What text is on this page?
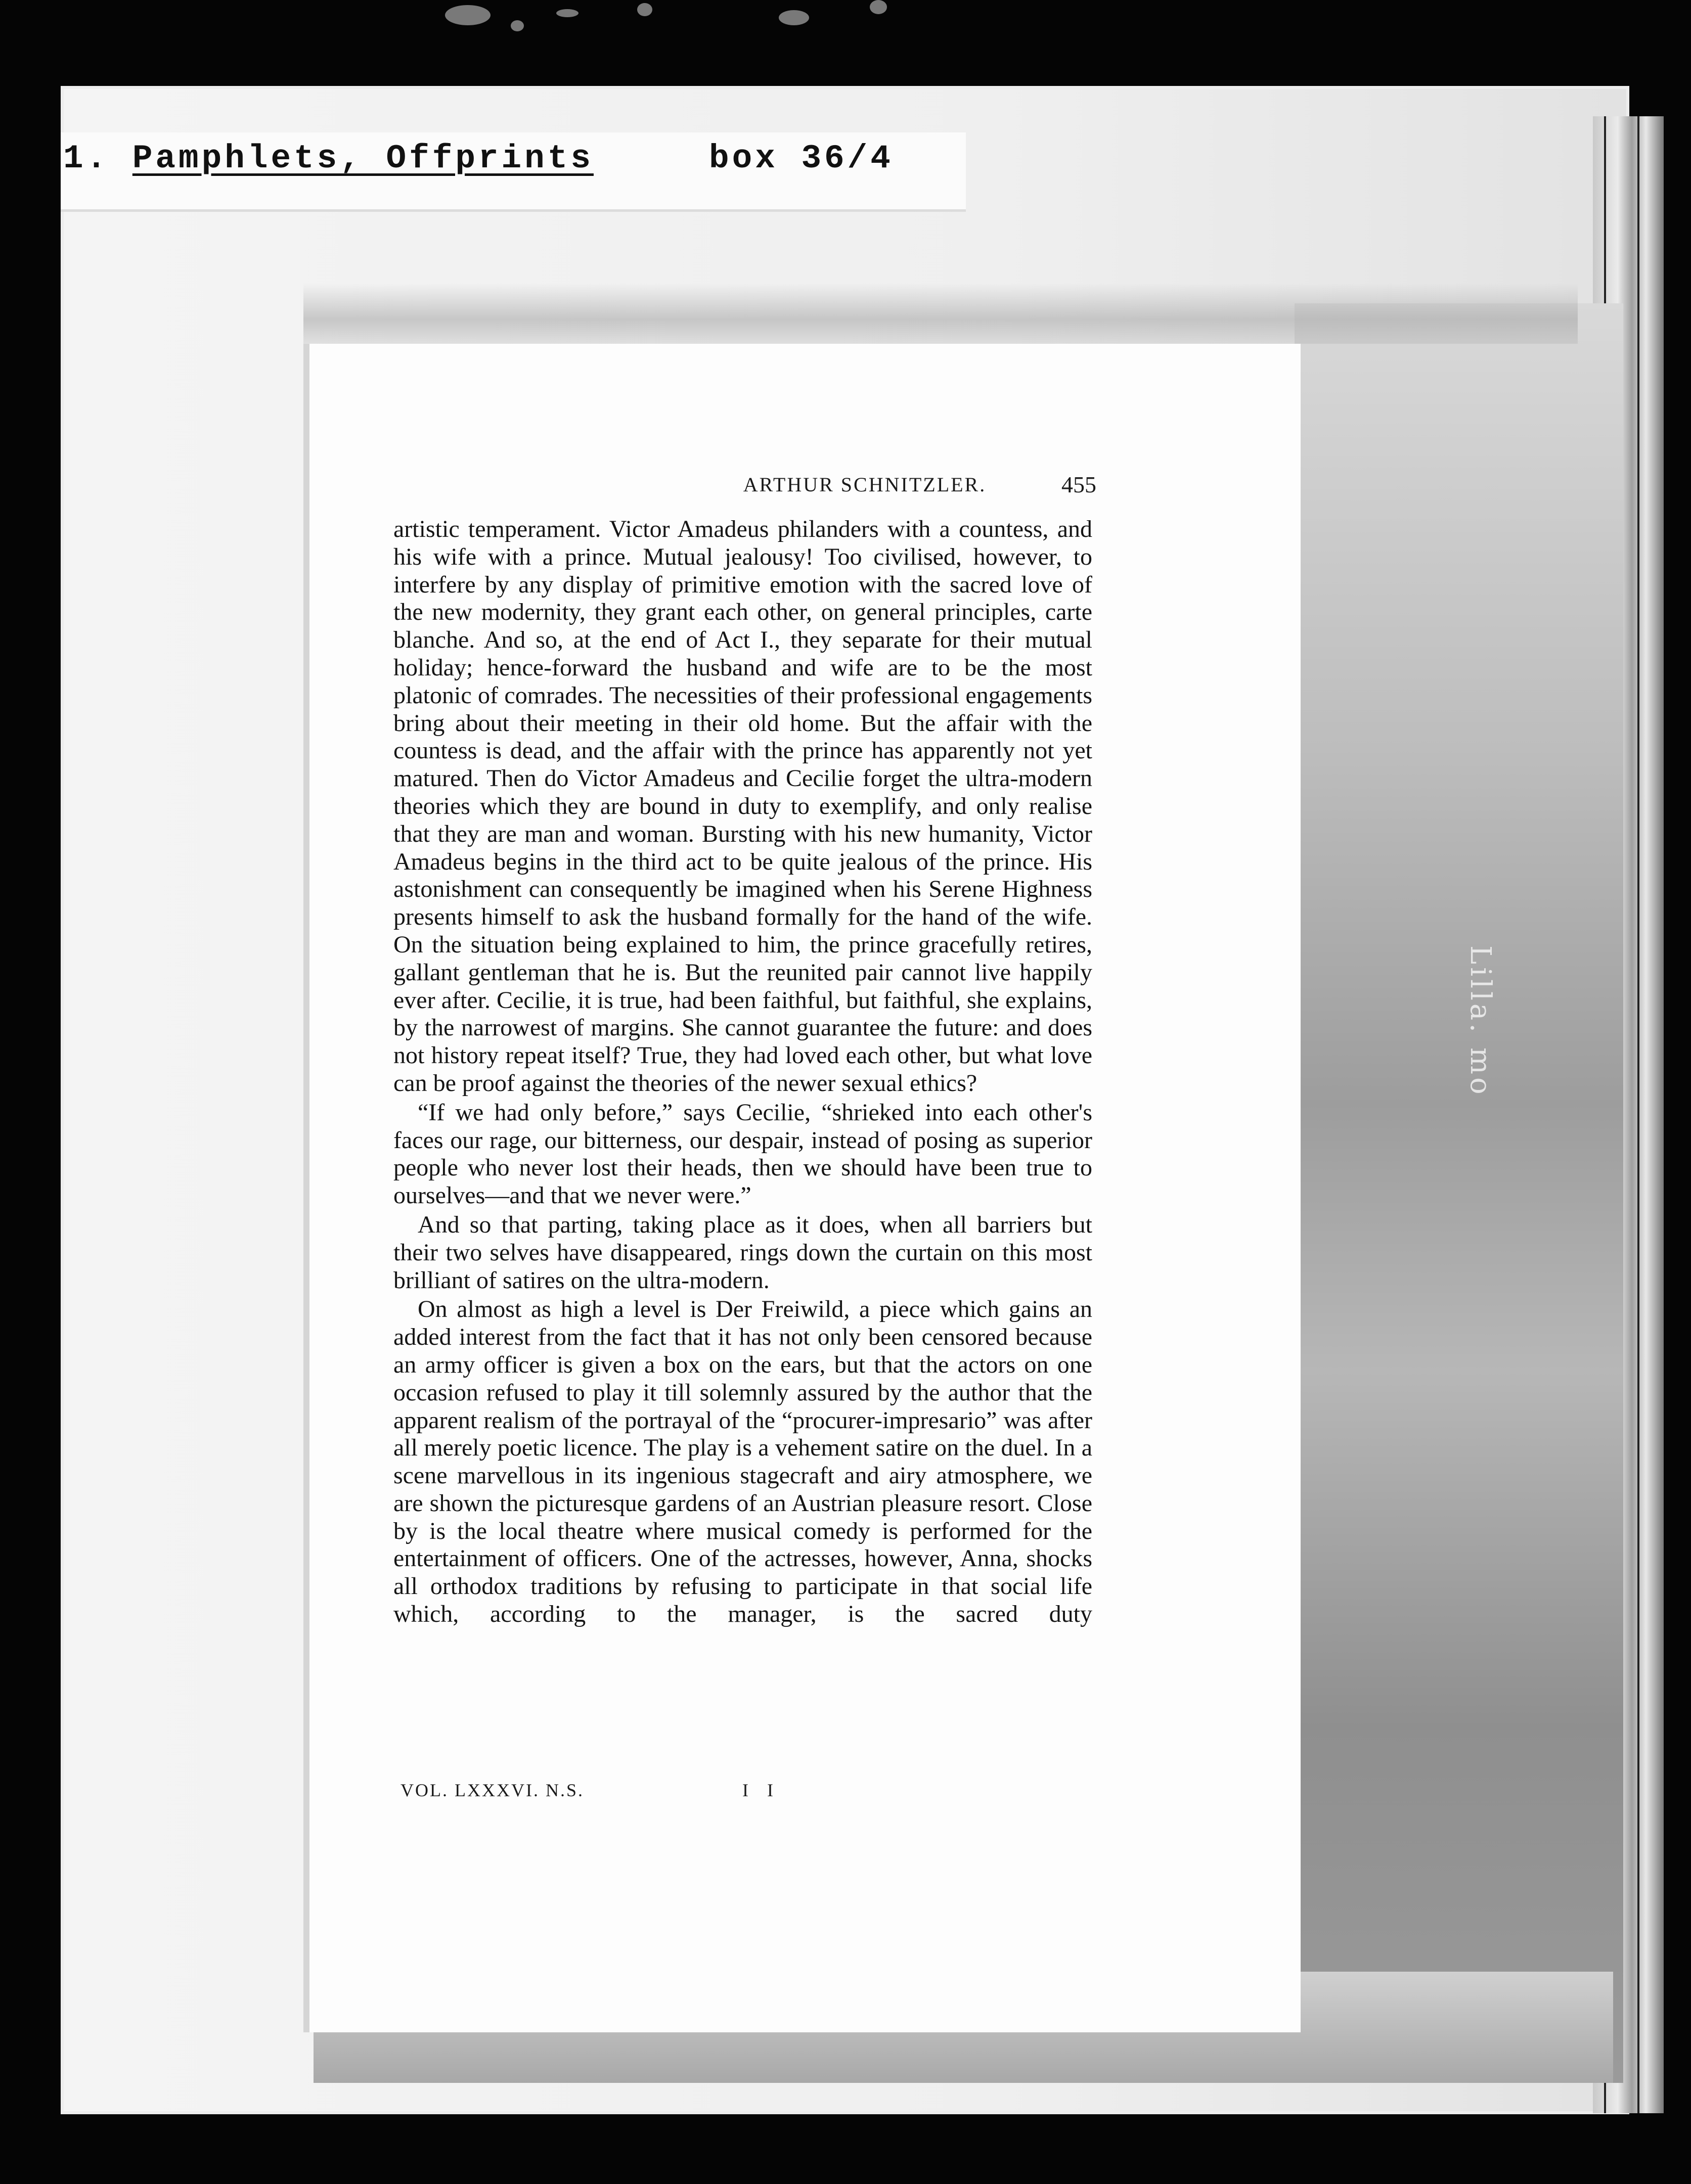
Lilla. mo
1. Pamphlets, Offprints	box 36/4
ARTHUR SCHNITZLER.	455

artistic temperament. Victor Amadeus philanders with a countess, and his wife with a prince. Mutual jealousy! Too civilised, however, to interfere by any display of primitive emotion with the sacred love of the new modernity, they grant each other, on general principles, carte blanche. And so, at the end of Act I., they separate for their mutual holiday; hence-forward the husband and wife are to be the most platonic of comrades. The necessities of their professional engagements bring about their meeting in their old home. But the affair with the countess is dead, and the affair with the prince has apparently not yet matured. Then do Victor Amadeus and Cecilie forget the ultra-modern theories which they are bound in duty to exemplify, and only realise that they are man and woman. Bursting with his new humanity, Victor Amadeus begins in the third act to be quite jealous of the prince. His astonishment can consequently be imagined when his Serene Highness presents himself to ask the husband formally for the hand of the wife. On the situation being explained to him, the prince gracefully retires, gallant gentleman that he is. But the reunited pair cannot live happily ever after. Cecilie, it is true, had been faithful, but faithful, she explains, by the narrowest of margins. She cannot guarantee the future: and does not history repeat itself? True, they had loved each other, but what love can be proof against the theories of the newer sexual ethics?

“If we had only before,” says Cecilie, “shrieked into each other's faces our rage, our bitterness, our despair, instead of posing as superior people who never lost their heads, then we should have been true to ourselves—and that we never were.”

And so that parting, taking place as it does, when all barriers but their two selves have disappeared, rings down the curtain on this most brilliant of satires on the ultra-modern.

On almost as high a level is Der Freiwild, a piece which gains an added interest from the fact that it has not only been censored because an army officer is given a box on the ears, but that the actors on one occasion refused to play it till solemnly assured by the author that the apparent realism of the portrayal of the “procurer-impresario” was after all merely poetic licence. The play is a vehement satire on the duel. In a scene marvellous in its ingenious stagecraft and airy atmosphere, we are shown the picturesque gardens of an Austrian pleasure resort. Close by is the local theatre where musical comedy is performed for the entertainment of officers. One of the actresses, however, Anna, shocks all orthodox traditions by refusing to participate in that social life which, according to the manager, is the sacred duty

VOL. LXXXVI. N.S.	I I
